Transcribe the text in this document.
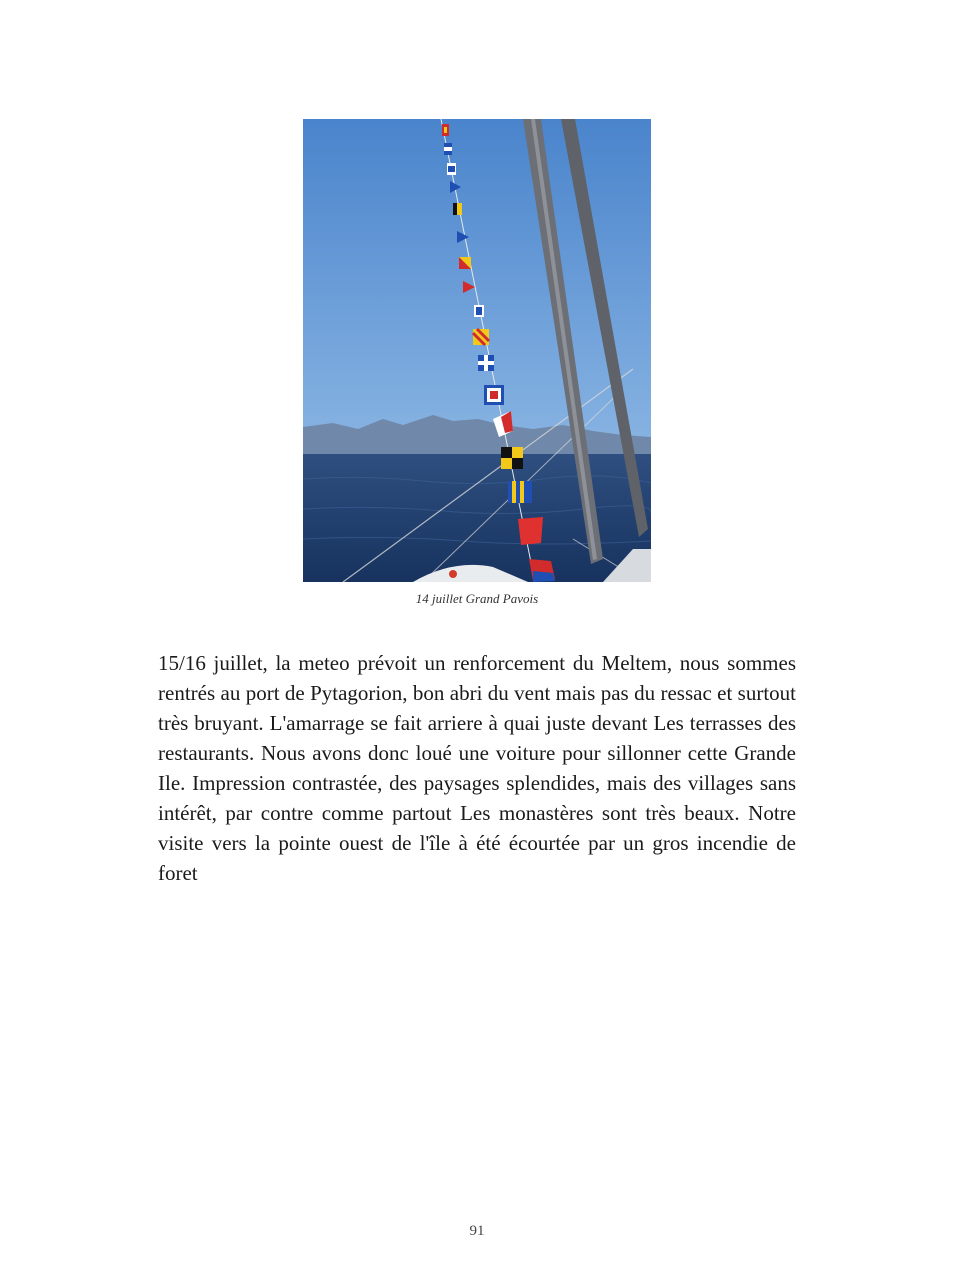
14 juillet Grand Pavois

15/16 juillet, la meteo prévoit un renforcement du Meltem, nous sommes rentrés au port de Pytagorion, bon abri du vent mais pas du ressac et surtout très bruyant. L'amarrage se fait arriere à quai juste devant Les terrasses des restaurants. Nous avons donc loué une voiture pour sillonner cette Grande Ile. Impression contrastée, des paysages splendides, mais des villages sans intérêt, par contre comme partout Les monastères sont très beaux. Notre visite vers la pointe ouest de l'île à été écourtée par un gros incendie de foret

91
